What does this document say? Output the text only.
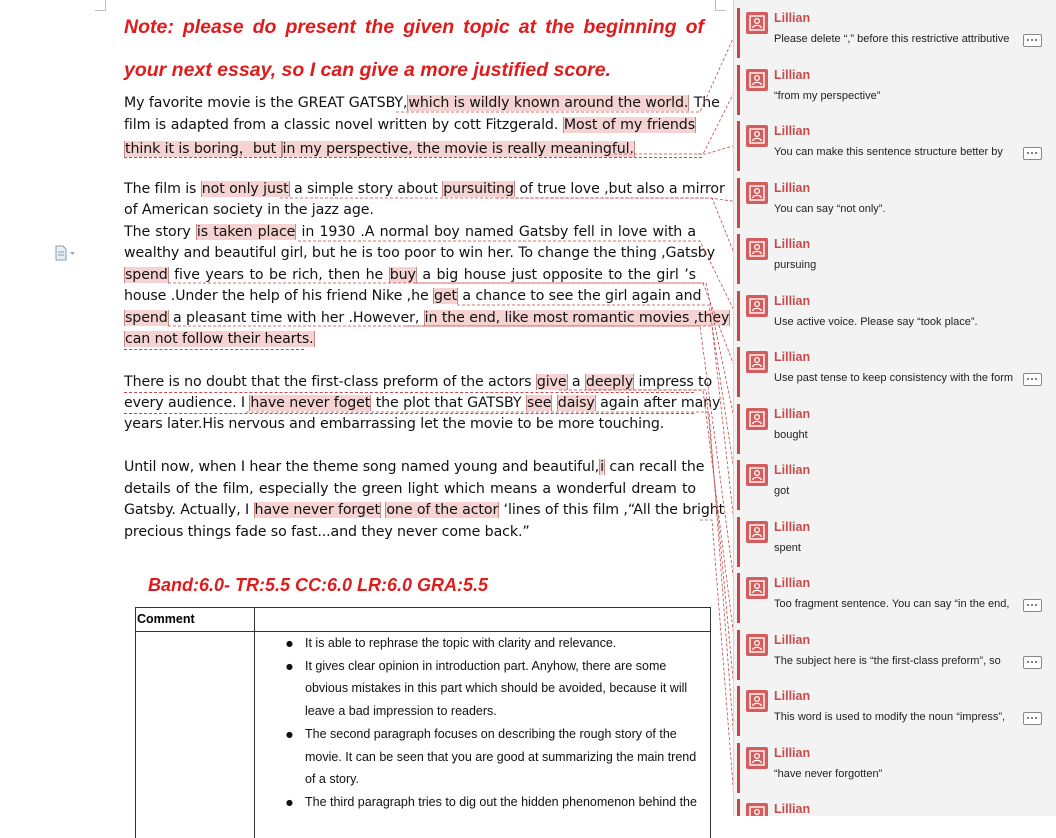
Note: please do present the given topic at the beginning of
your next essay, so I can give a more justified score.
My favorite movie is the GREAT GATSBY,which is wildly known around the world. The
film is adapted from a classic novel written by cott Fitzgerald. Most of my friends
think it is boring，but in my perspective, the movie is really meaningful.
The film is not only just a simple story about pursuiting of true love ,but also a mirror
of American society in the jazz age.
The story is taken place in 1930 .A normal boy named Gatsby fell in love with a
wealthy and beautiful girl, but he is too poor to win her. To change the thing ,Gatsby
spend five years to be rich, then he buy a big house just opposite to the girl ’s
house .Under the help of his friend Nike ,he get a chance to see the girl again and
spend a pleasant time with her .However, in the end, like most romantic movies ,they
can not follow their hearts.
There is no doubt that the first-class preform of the actors give a deeply impress to
every audience. I have never foget the plot that GATSBY see daisy again after many
years later.His nervous and embarrassing let the movie to be more touching.
Until now, when I hear the theme song named young and beautiful,i can recall the
details of the film, especially the green light which means a wonderful dream to
Gatsby. Actually, I have never forget one of the actor ‘lines of this film ,“All the bright
precious things fade so fast...and they never come back.”
Band:6.0- TR:5.5 CC:6.0 LR:6.0 GRA:5.5
Comment
● It is able to rephrase the topic with clarity and relevance.
● It gives clear opinion in introduction part. Anyhow, there are some
obvious mistakes in this part which should be avoided, because it will
leave a bad impression to readers.
● The second paragraph focuses on describing the rough story of the
movie. It can be seen that you are good at summarizing the main trend
of a story.
● The third paragraph tries to dig out the hidden phenomenon behind the
Lillian
Please delete “,” before this restrictive attributive
Lillian
“from my perspective”
Lillian
You can make this sentence structure better by
Lillian
You can say “not only”.
Lillian
pursuing
Lillian
Use active voice. Please say “took place”.
Lillian
Use past tense to keep consistency with the form
Lillian
bought
Lillian
got
Lillian
spent
Lillian
Too fragment sentence. You can say “in the end,
Lillian
The subject here is “the first-class preform”, so
Lillian
This word is used to modify the noun “impress”,
Lillian
“have never forgotten”
Lillian
